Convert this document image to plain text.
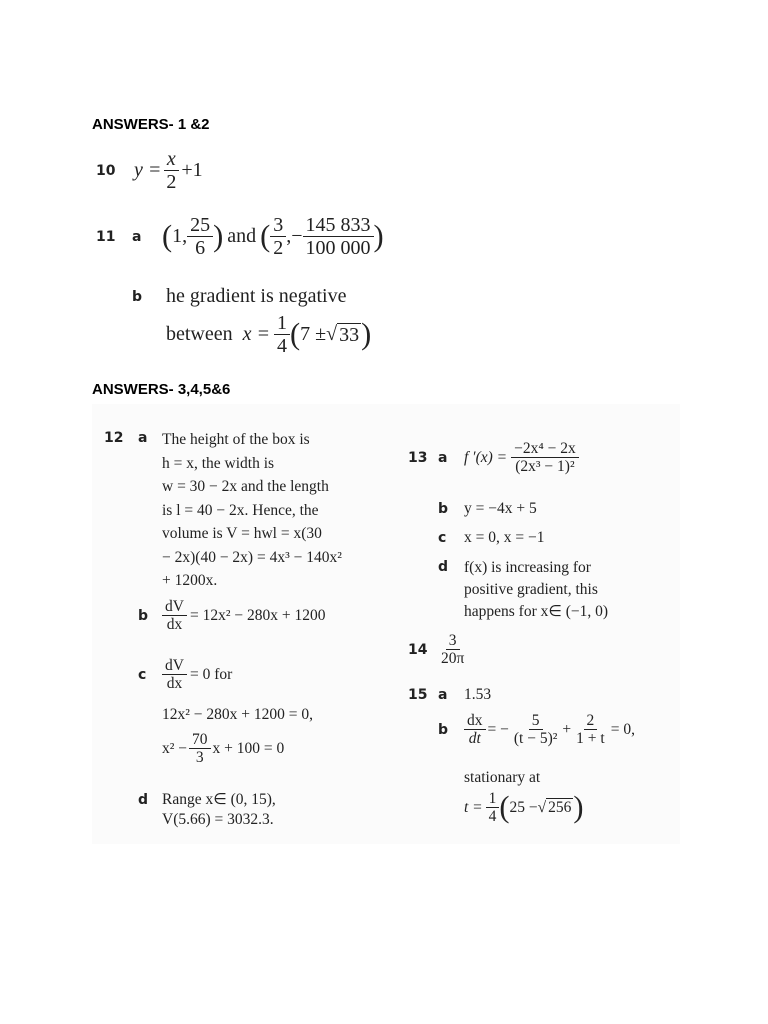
ANSWERS- 1 &2
ANSWERS- 3,4,5&6
10 $y = \frac{x}{2} +1$
11	a ( 1, $\frac{25}{6}$ ) and ( $\frac{3}{2}$ ,− $\frac{145 833}{100 000}$ )
b	he gradient is negative
between $x = \frac{1}{4}$ ( 7 ± √ 33 )
12	a The height of the box is
h = x, the width is
w = 30 − 2x and the length
is l = 40 − 2x. Hence, the
volume is V = hwl = x(30
− 2x)(40 − 2x) = 4x³ − 140x²
+ 1200x.
b $\frac{dV}{dx} = 12x^2 - 280x + 1200$
c	$\frac{dV}{dx} = 0$ for
12x² − 280x + 1200 = 0,
$x^2 - \frac{70}{3}$ x + 100 = 0
d Range x∈ (0, 15),
V(5.66) = 3032.3.
13 a	f $'(x) = \frac{\text{−2x⁴ − 2x}}{\text{(2x³ − 1)²}}$
b	y = −4x + 5
c	x = 0, x = −1
d	f(x) is increasing for
positive gradient, this
happens for x∈ (−1, 0)
$14 \frac{3}{20\pi}$
15 a	1.53
b	$\frac{dx}{dt}$ = − $\frac{5}{\text{(t − 5)²}} + \frac{2}{1 + t} = 0$,
stationary at
$t = \frac{1}{4}$ ( 25 − √ 256 )
